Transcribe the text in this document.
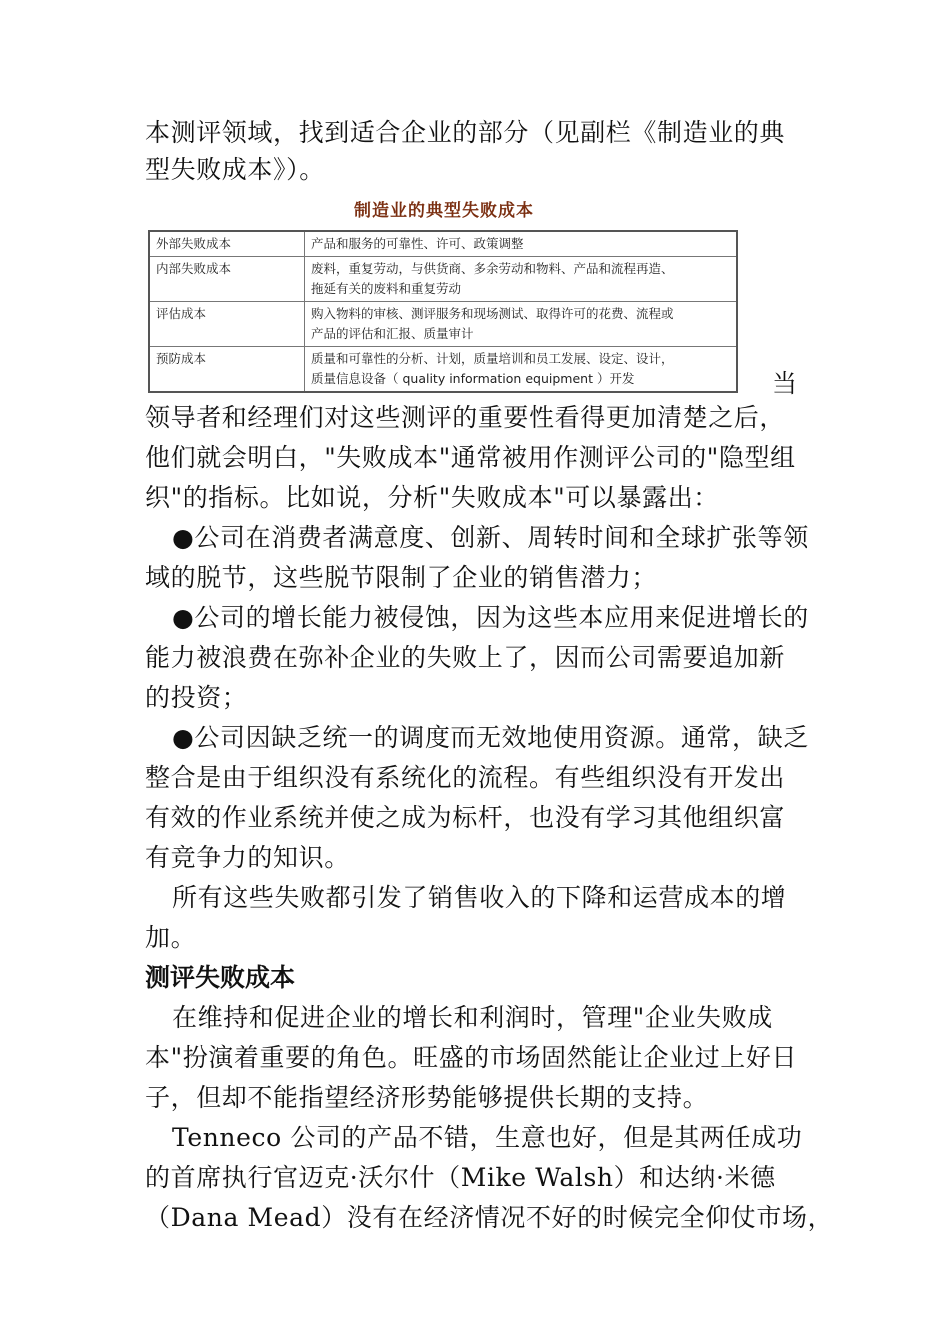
本测评领域，找到适合企业的部分（见副栏《制造业的典
型失败成本》）。
制造业的典型失败成本
外部失败成本	产品和服务的可靠性、许可、政策调整

内部失败成本	废料，重复劳动，与供货商、多余劳动和物料、产品和流程再造、
拖延有关的废料和重复劳动

评估成本	购入物料的审核、测评服务和现场测试、取得许可的花费、流程或
产品的评估和汇报、质量审计

预防成本	质量和可靠性的分析、计划，质量培训和员工发展、设定、设计，
质量信息设备（ quality information equipment ）开发	当
领导者和经理们对这些测评的重要性看得更加清楚之后，
他们就会明白，"失败成本"通常被用作测评公司的"隐型组
织"的指标。比如说，分析"失败成本"可以暴露出：
●公司在消费者满意度、创新、周转时间和全球扩张等领
域的脱节，这些脱节限制了企业的销售潜力；
●公司的增长能力被侵蚀，因为这些本应用来促进增长的
能力被浪费在弥补企业的失败上了，因而公司需要追加新
的投资；
●公司因缺乏统一的调度而无效地使用资源。通常，缺乏
整合是由于组织没有系统化的流程。有些组织没有开发出
有效的作业系统并使之成为标杆，也没有学习其他组织富
有竞争力的知识。
所有这些失败都引发了销售收入的下降和运营成本的增
加。
测评失败成本
在维持和促进企业的增长和利润时，管理"企业失败成
本"扮演着重要的角色。旺盛的市场固然能让企业过上好日
子，但却不能指望经济形势能够提供长期的支持。
Tenneco 公司的产品不错，生意也好，但是其两任成功
的首席执行官迈克·沃尔什（Mike Walsh）和达纳·米德
（Dana Mead）没有在经济情况不好的时候完全仰仗市场，
